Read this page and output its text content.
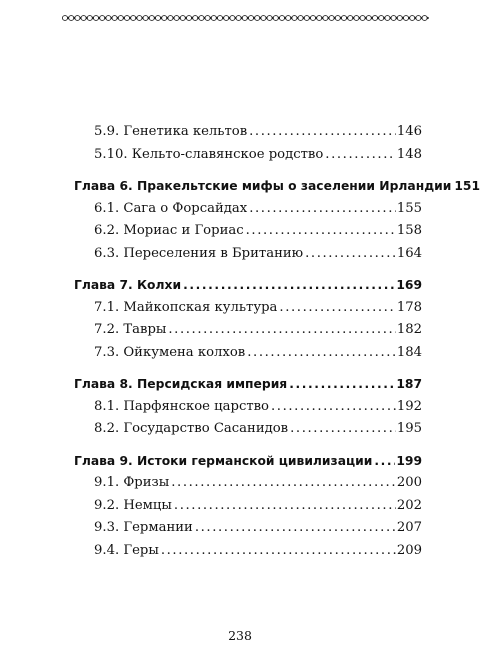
5.9. Генетика кельтов .....	146
5.10. Кельто-славянское родство .....	148
Глава 6. Пракельтские мифы о заселении Ирландии 151
6.1. Сага о Форсайдах .....	155
6.2. Мориас и Гориас .....	158
6.3. Переселения в Британию .....	164
Глава 7. Колхи .....	169
7.1. Майкопская культура .....	178
7.2. Тавры .....	182
7.3. Ойкумена колхов .....	184
Глава 8. Персидская империя .....	187
8.1. Парфянское царство .....	192
8.2. Государство Сасанидов .....	195
Глава 9. Истоки германской цивилизации ..... 199
9.1. Фризы .....	200
9.2. Немцы .....	202
9.3. Германии .....	207
9.4. Геры .....	209
238
